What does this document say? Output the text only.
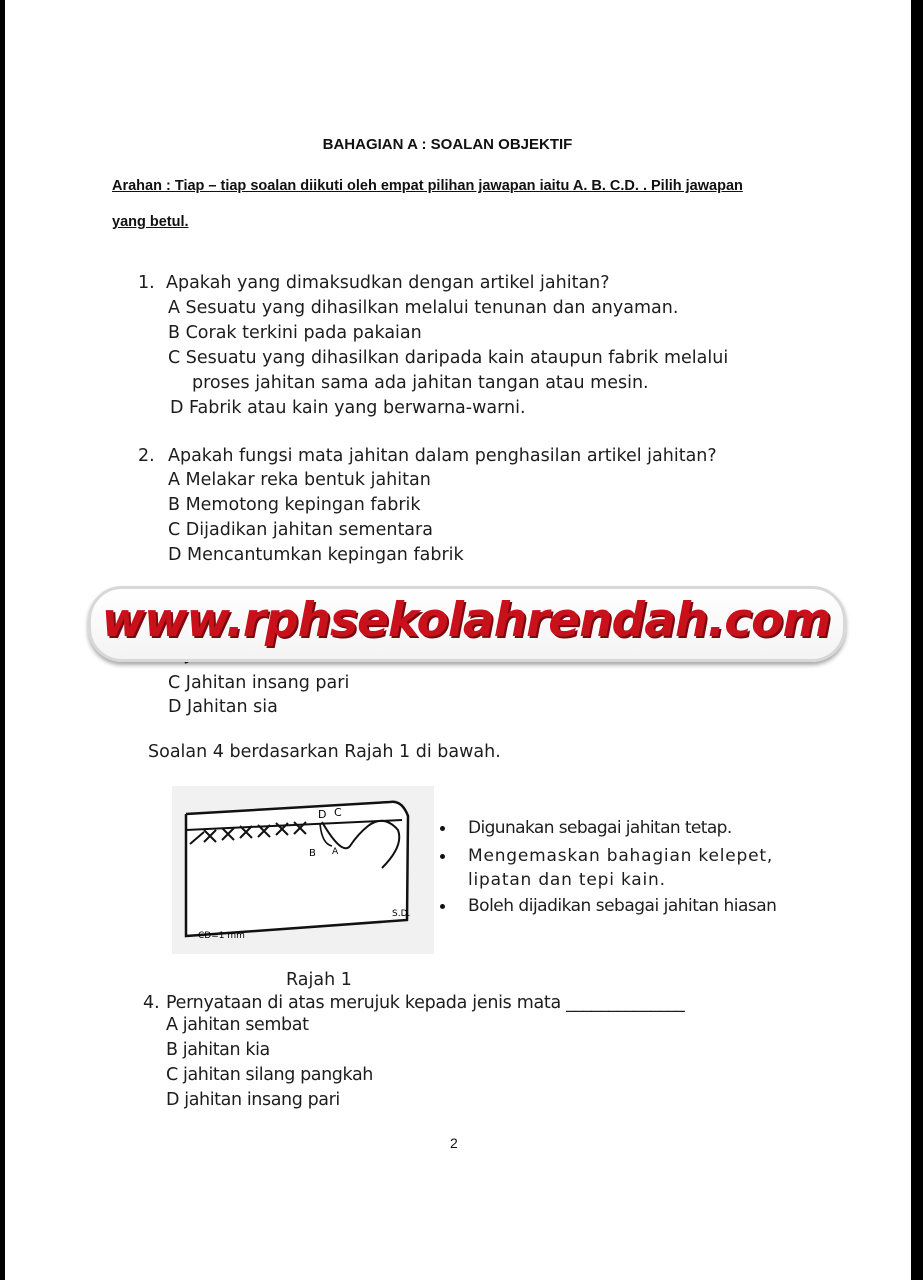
BAHAGIAN A : SOALAN OBJEKTIF
Arahan : Tiap – tiap soalan diikuti oleh empat pilihan jawapan iaitu A. B. C.D. . Pilih jawapan
yang betul.
1. Apakah yang dimaksudkan dengan artikel jahitan?
A Sesuatu yang dihasilkan melalui tenunan dan anyaman.
B Corak terkini pada pakaian
C Sesuatu yang dihasilkan daripada kain ataupun fabrik melalui
proses jahitan sama ada jahitan tangan atau mesin.
D Fabrik atau kain yang berwarna-warni.
2. Apakah fungsi mata jahitan dalam penghasilan artikel jahitan?
A Melakar reka bentuk jahitan
B Memotong kepingan fabrik
C Dijadikan jahitan sementara
D Mencantumkan kepingan fabrik
C Jahitan insang pari
D Jahitan sia
www.rphsekolahrendah.com
Soalan 4 berdasarkan Rajah 1 di bawah.
D C
B A
S.D.
CD=1 mm
Digunakan sebagai jahitan tetap.
Mengemaskan bahagian kelepet,
lipatan dan tepi kain.
Boleh dijadikan sebagai jahitan hiasan
Rajah 1
4. Pernyataan di atas merujuk kepada jenis mata ______________
A jahitan sembat
B jahitan kia
C jahitan silang pangkah
D jahitan insang pari
2
